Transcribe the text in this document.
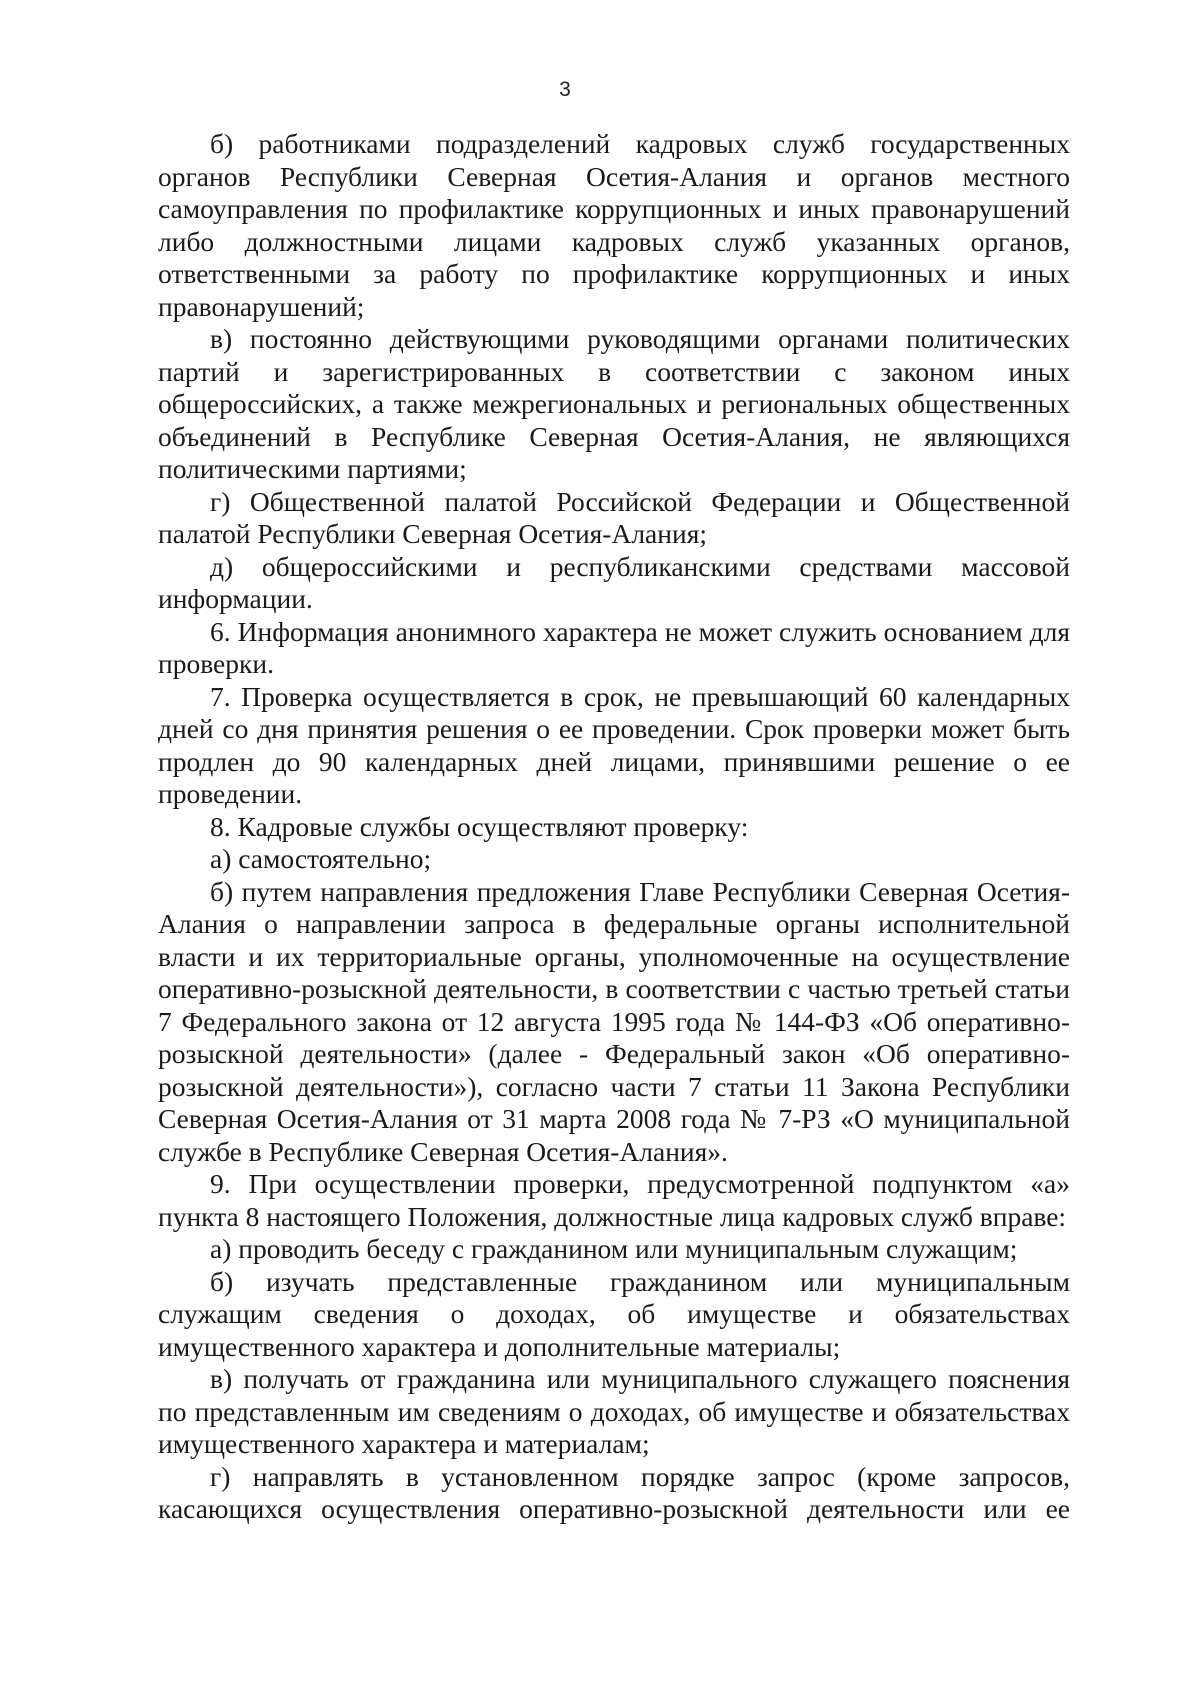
3

б) работниками подразделений кадровых служб государственных органов Республики Северная Осетия-Алания и органов местного самоуправления по профилактике коррупционных и иных правонарушений либо должностными лицами кадровых служб указанных органов, ответственными за работу по профилактике коррупционных и иных правонарушений;

в) постоянно действующими руководящими органами политических партий и зарегистрированных в соответствии с законом иных общероссийских, а также межрегиональных и региональных общественных объединений в Республике Северная Осетия-Алания, не являющихся политическими партиями;

г) Общественной палатой Российской Федерации и Общественной палатой Республики Северная Осетия-Алания;

д) общероссийскими и республиканскими средствами массовой информации.

6. Информация анонимного характера не может служить основанием для проверки.

7. Проверка осуществляется в срок, не превышающий 60 календарных дней со дня принятия решения о ее проведении. Срок проверки может быть продлен до 90 календарных дней лицами, принявшими решение о ее проведении.

8. Кадровые службы осуществляют проверку:

а) самостоятельно;

б) путем направления предложения Главе Республики Северная Осетия-Алания о направлении запроса в федеральные органы исполнительной власти и их территориальные органы, уполномоченные на осуществление оперативно-розыскной деятельности, в соответствии с частью третьей статьи 7 Федерального закона от 12 августа 1995 года № 144-ФЗ «Об оперативно-розыскной деятельности» (далее - Федеральный закон «Об оперативно-розыскной деятельности»), согласно части 7 статьи 11 Закона Республики Северная Осетия-Алания от 31 марта 2008 года № 7-РЗ «О муниципальной службе в Республике Северная Осетия-Алания».

9. При осуществлении проверки, предусмотренной подпунктом «а» пункта 8 настоящего Положения, должностные лица кадровых служб вправе:

а) проводить беседу с гражданином или муниципальным служащим;

б) изучать представленные гражданином или муниципальным служащим сведения о доходах, об имуществе и обязательствах имущественного характера и дополнительные материалы;

в) получать от гражданина или муниципального служащего пояснения по представленным им сведениям о доходах, об имуществе и обязательствах имущественного характера и материалам;

г) направлять в установленном порядке запрос (кроме запросов, касающихся осуществления оперативно-розыскной деятельности или ее
